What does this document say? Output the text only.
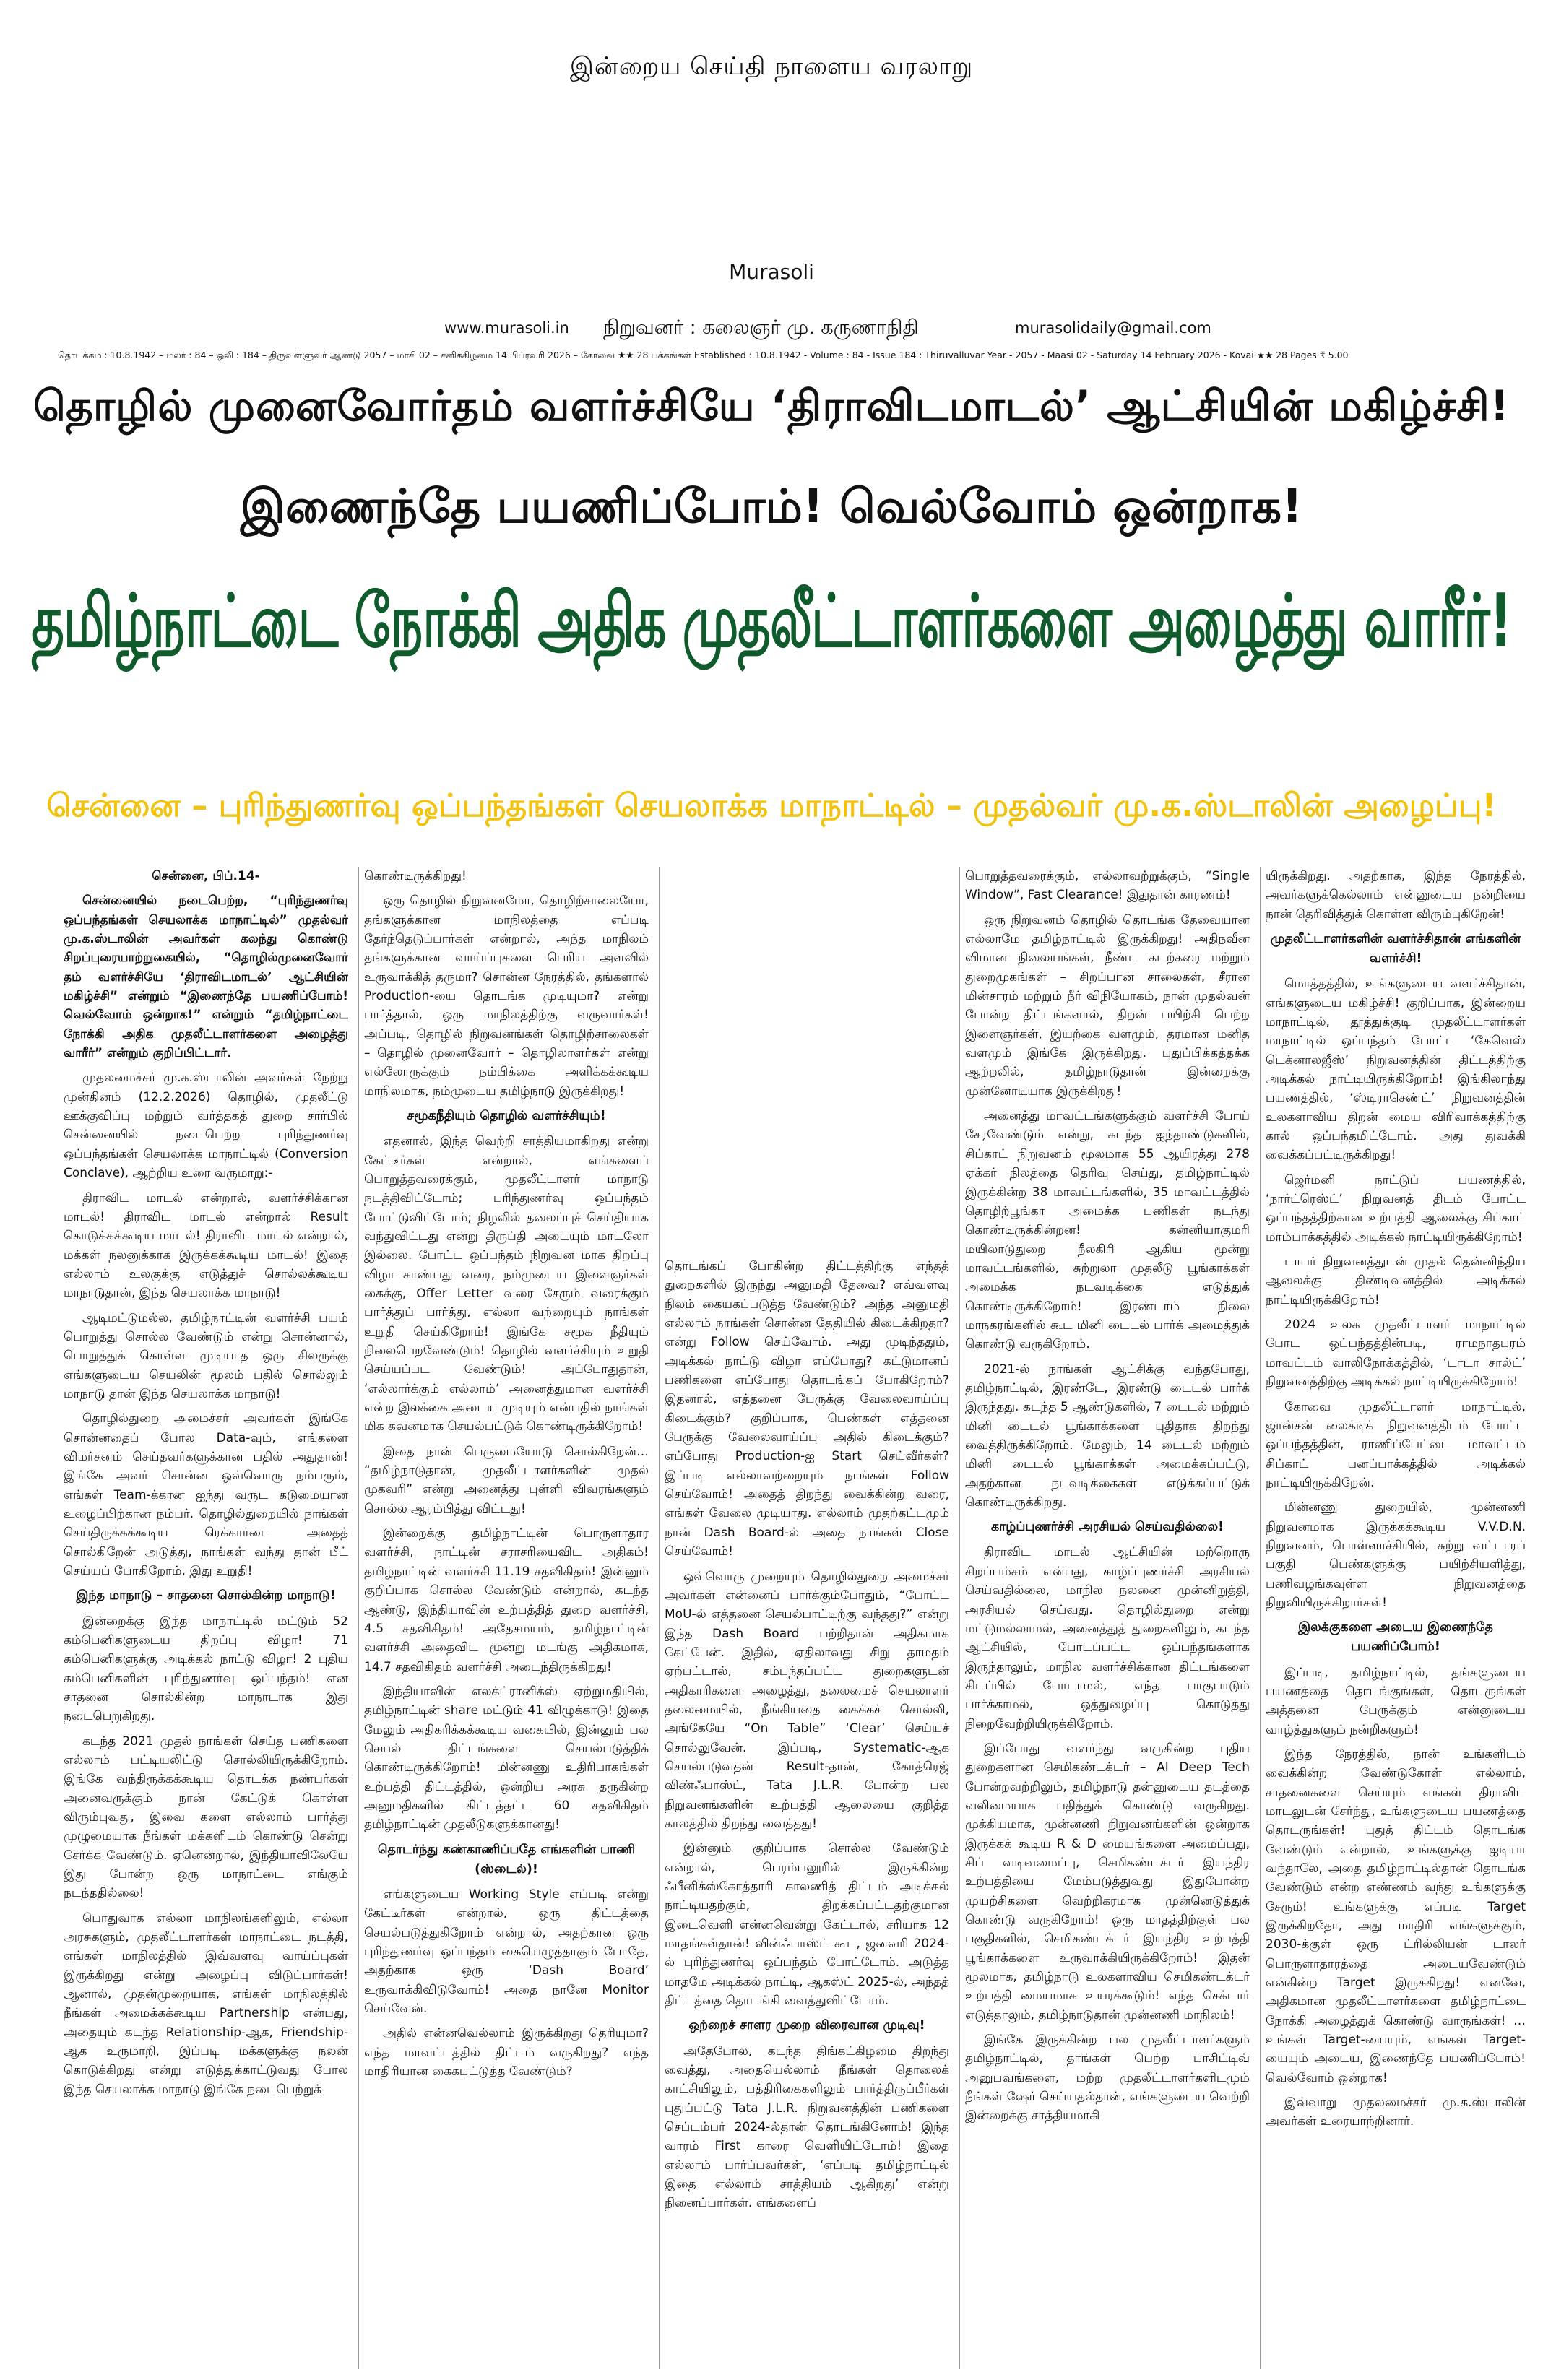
இன்றைய செய்தி நாளைய வரலாறு
Murasoli
www.murasoli.in நிறுவனர் : கலைஞர் மு. கருணாநிதி	murasolidaily@gmail.com
தொடக்கம் : 10.8.1942 – மலர் : 84 – ஒலி : 184 – திருவள்ளுவர் ஆண்டு 2057 – மாசி 02 – சனிக்கிழமை 14 பிப்ரவரி 2026 – கோவை ★★ 28 பக்கங்கள் Established : 10.8.1942 - Volume : 84 - Issue 184 : Thiruvalluvar Year - 2057 - Maasi 02 - Saturday 14 February 2026 - Kovai ★★ 28 Pages ₹ 5.00
தொழில் முனைவோர்தம் வளர்ச்சியே ‘திராவிடமாடல்’ ஆட்சியின் மகிழ்ச்சி!
இணைந்தே பயணிப்போம்! வெல்வோம் ஒன்றாக!
தமிழ்நாட்டை நோக்கி அதிக முதலீட்டாளர்களை அழைத்து வாரீர்!
சென்னை – புரிந்துணர்வு ஒப்பந்தங்கள் செயலாக்க மாநாட்டில் – முதல்வர் மு.க.ஸ்டாலின் அழைப்பு!

சென்னை, பிப்.14-

சென்னையில் நடைபெற்ற, “புரிந்துணர்வு ஒப்பந்தங்கள் செயலாக்க மாநாட்டில்” முதல்வர் மு.க.ஸ்டாலின் அவர்கள் கலந்து கொண்டு சிறப்புரையாற்றுகையில், “தொழில்முனைவோர் தம் வளர்ச்சியே ‘திராவிடமாடல்’ ஆட்சியின் மகிழ்ச்சி” என்றும் “இணைந்தே பயணிப்போம்! வெல்வோம் ஒன்றாக!” என்றும் “தமிழ்நாட்டை நோக்கி அதிக முதலீட்டாளர்களை அழைத்து வாரீர்” என்றும் குறிப்பிட்டார்.

முதலமைச்சர் மு.க.ஸ்டாலின் அவர்கள் நேற்று முன்தினம் (12.2.2026) தொழில், முதலீட்டு ஊக்குவிப்பு மற்றும் வர்த்தகத் துறை சார்பில் சென்னையில் நடைபெற்ற புரிந்துணர்வு ஒப்பந்தங்கள் செயலாக்க மாநாட்டில் (Conversion Conclave), ஆற்றிய உரை வருமாறு:-

திராவிட மாடல் என்றால், வளர்ச்சிக்கான மாடல்! திராவிட மாடல் என்றால் Result கொடுக்கக்கூடிய மாடல்! திராவிட மாடல் என்றால், மக்கள் நலனுக்காக இருக்கக்கூடிய மாடல்! இதை எல்லாம் உலகுக்கு எடுத்துச் சொல்லக்கூடிய மாநாடுதான், இந்த செயலாக்க மாநாடு!

ஆடிமட்டுமல்ல, தமிழ்நாட்டின் வளர்ச்சி பயம் பொறுத்து சொல்ல வேண்டும் என்று சொன்னால், பொறுத்துக் கொள்ள முடியாத ஒரு சிலருக்கு எங்களுடைய செயலின் மூலம் பதில் சொல்லும் மாநாடு தான் இந்த செயலாக்க மாநாடு!

தொழில்துறை அமைச்சர் அவர்கள் இங்கே சொன்னதைப் போல Data-வும், எங்களை விமர்சனம் செய்தவர்களுக்கான பதில் அதுதான்! இங்கே அவர் சொன்ன ஒவ்வொரு நம்பரும், எங்கள் Team-க்கான ஐந்து வருட கடுமையான உழைப்பிற்கான நம்பர். தொழில்துறையில் நாங்கள் செய்திருக்கக்கூடிய ரெக்கார்டை அதைத் சொல்கிறேன் அடுத்து, நாங்கள் வந்து தான் பீட் செய்யப் போகிறோம். இது உறுதி!

இந்த மாநாடு – சாதனை சொல்கின்ற மாநாடு!

இன்றைக்கு இந்த மாநாட்டில் மட்டும் 52 கம்பெனிகளுடைய திறப்பு விழா! 71 கம்பெனிகளுக்கு அடிக்கல் நாட்டு விழா! 2 புதிய கம்பெனிகளின் புரிந்துணர்வு ஒப்பந்தம்! என சாதனை சொல்கின்ற மாநாடாக இது நடைபெறுகிறது.

கடந்த 2021 முதல் நாங்கள் செய்த பணிகளை எல்லாம் பட்டியலிட்டு சொல்லியிருக்கிறோம். இங்கே வந்திருக்கக்கூடிய தொடக்க நண்பர்கள் அனைவருக்கும் நான் கேட்டுக் கொள்ள விரும்புவது, இவை களை எல்லாம் பார்த்து முழுமையாக நீங்கள் மக்களிடம் கொண்டு சென்று சேர்க்க வேண்டும். ஏனென்றால், இந்தியாவிலேயே இது போன்ற ஒரு மாநாட்டை எங்கும் நடந்ததில்லை!

பொதுவாக எல்லா மாநிலங்களிலும், எல்லா அரசுகளும், முதலீட்டாளர்கள் மாநாட்டை நடத்தி, எங்கள் மாநிலத்தில் இவ்வளவு வாய்ப்புகள் இருக்கிறது என்று அழைப்பு விடுப்பார்கள்! ஆனால், முதன்முறையாக, எங்கள் மாநிலத்தில் நீங்கள் அமைக்கக்கூடிய Partnership என்பது, அதையும் கடந்த Relationship-ஆக, Friendship-ஆக உருமாறி, இப்படி மக்களுக்கு நலன் கொடுக்கிறது என்று எடுத்துக்காட்டுவது போல இந்த செயலாக்க மாநாடு இங்கே நடைபெற்றுக்

கொண்டிருக்கிறது!

ஒரு தொழில் நிறுவனமோ, தொழிற்சாலையோ, தங்களுக்கான மாநிலத்தை எப்படி தேர்ந்தெடுப்பார்கள் என்றால், அந்த மாநிலம் தங்களுக்கான வாய்ப்புகளை பெரிய அளவில் உருவாக்கித் தருமா? சொன்ன நேரத்தில், தங்களால் Production-யை தொடங்க முடியுமா? என்று பார்த்தால், ஒரு மாநிலத்திற்கு வருவார்கள்! அப்படி, தொழில் நிறுவனங்கள் தொழிற்சாலைகள் – தொழில் முனைவோர் – தொழிலாளர்கள் என்று எல்லோருக்கும் நம்பிக்கை அளிக்கக்கூடிய மாநிலமாக, நம்முடைய தமிழ்நாடு இருக்கிறது!

சமூகநீதியும் தொழில் வளர்ச்சியும்!

எதனால், இந்த வெற்றி சாத்தியமாகிறது என்று கேட்டீர்கள் என்றால், எங்களைப் பொறுத்தவரைக்கும், முதலீட்டாளர் மாநாடு நடத்திவிட்டோம்; புரிந்துணர்வு ஒப்பந்தம் போட்டுவிட்டோம்; நிழலில் தலைப்புச் செய்தியாக வந்துவிட்டது என்று திருப்தி அடையும் மாடலோ இல்லை. போட்ட ஒப்பந்தம் நிறுவன மாக திறப்பு விழா காண்பது வரை, நம்முடைய இளைஞர்கள் கைக்கு, Offer Letter வரை சேரும் வரைக்கும் பார்த்துப் பார்த்து, எல்லா வற்றையும் நாங்கள் உறுதி செய்கிறோம்! இங்கே சமூக நீதியும் நிலைபெறவேண்டும்! தொழில் வளர்ச்சியும் உறுதி செய்யப்பட வேண்டும்! அப்போதுதான், ‘எல்லார்க்கும் எல்லாம்’ அனைத்துமான வளர்ச்சி என்ற இலக்கை அடைய முடியும் என்பதில் நாங்கள் மிக கவனமாக செயல்பட்டுக் கொண்டிருக்கிறோம்!

இதை நான் பெருமையோடு சொல்கிறேன்… “தமிழ்நாடுதான், முதலீட்டாளர்களின் முதல் முகவரி” என்று அனைத்து புள்ளி விவரங்களும் சொல்ல ஆரம்பித்து விட்டது!

இன்றைக்கு தமிழ்நாட்டின் பொருளாதார வளர்ச்சி, நாட்டின் சராசரியைவிட அதிகம்! தமிழ்நாட்டின் வளர்ச்சி 11.19 சதவிகிதம்! இன்னும் குறிப்பாக சொல்ல வேண்டும் என்றால், கடந்த ஆண்டு, இந்தியாவின் உற்பத்தித் துறை வளர்ச்சி, 4.5 சதவிகிதம்! அதேசமயம், தமிழ்நாட்டின் வளர்ச்சி அதைவிட மூன்று மடங்கு அதிகமாக, 14.7 சதவிகிதம் வளர்ச்சி அடைந்திருக்கிறது!

இந்தியாவின் எலக்ட்ரானிக்ஸ் ஏற்றுமதியில், தமிழ்நாட்டின் share மட்டும் 41 விழுக்காடு! இதை மேலும் அதிகரிக்கக்கூடிய வகையில், இன்னும் பல செயல் திட்டங்களை செயல்படுத்திக் கொண்டிருக்கிறோம்! மின்னணு உதிரிபாகங்கள் உற்பத்தி திட்டத்தில், ஒன்றிய அரசு தருகின்ற அனுமதிகளில் கிட்டத்தட்ட 60 சதவிகிதம் தமிழ்நாட்டின் முதலீடுகளுக்கானது!

தொடர்ந்து கண்காணிப்பதே எங்களின் பாணி (ஸ்டைல்)!

எங்களுடைய Working Style எப்படி என்று கேட்டீர்கள் என்றால், ஒரு திட்டத்தை செயல்படுத்துகிறோம் என்றால், அதற்கான ஒரு புரிந்துணர்வு ஒப்பந்தம் கையெழுத்தாகும் போதே, அதற்காக ஒரு ‘Dash Board’ உருவாக்கிவிடுவோம்! அதை நானே Monitor செய்வேன்.

அதில் என்னவெல்லாம் இருக்கிறது தெரியுமா? எந்த மாவட்டத்தில் திட்டம் வருகிறது? எந்த மாதிரியான கைகபட்டுத்த வேண்டும்?

தொடங்கப் போகின்ற திட்டத்திற்கு எந்தத் துறைகளில் இருந்து அனுமதி தேவை? எவ்வளவு நிலம் கையகப்படுத்த வேண்டும்? அந்த அனுமதி எல்லாம் நாங்கள் சொன்ன தேதியில் கிடைக்கிறதா? என்று Follow செய்வோம். அது முடிந்ததும், அடிக்கல் நாட்டு விழா எப்போது? கட்டுமானப் பணிகளை எப்போது தொடங்கப் போகிறோம்? இதனால், எத்தனை பேருக்கு வேலைவாய்ப்பு கிடைக்கும்? குறிப்பாக, பெண்கள் எத்தனை பேருக்கு வேலைவாய்ப்பு அதில் கிடைக்கும்? எப்போது Production-ஐ Start செய்வீர்கள்? இப்படி எல்லாவற்றையும் நாங்கள் Follow செய்வோம்! அதைத் திறந்து வைக்கின்ற வரை, எங்கள் வேலை முடியாது. எல்லாம் முதற்கட்டமும் நான் Dash Board-ல் அதை நாங்கள் Close செய்வோம்!

ஒவ்வொரு முறையும் தொழில்துறை அமைச்சர் அவர்கள் என்னைப் பார்க்கும்போதும், “போட்ட MoU-ல் எத்தனை செயல்பாட்டிற்கு வந்தது?” என்று இந்த Dash Board பற்றிதான் அதிகமாக கேட்பேன். இதில், ஏதிலாவது சிறு தாமதம் ஏற்பட்டால், சம்பந்தப்பட்ட துறைகளுடன் அதிகாரிகளை அழைத்து, தலைமைச் செயலாளர் தலைமையில், நீங்கியதை கைக்கச் சொல்லி, அங்கேயே “On Table” ‘Clear’ செய்யச் சொல்லுவேன். இப்படி, Systematic-ஆக செயல்படுவதன் Result-தான், கோத்ரெஜ் விண்ஃபாஸ்ட், Tata J.L.R. போன்ற பல நிறுவனங்களின் உற்பத்தி ஆலையை குறித்த காலத்தில் திறந்து வைத்தது!

இன்னும் குறிப்பாக சொல்ல வேண்டும் என்றால், பெரம்பலூரில் இருக்கின்ற ஃபீனிக்ஸ்கோத்தாரி காலணித் திட்டம் அடிக்கல் நாட்டியதற்கும், திறக்கப்பட்டதற்குமான இடைவெளி என்னவென்று கேட்டால், சரியாக 12 மாதங்கள்தான்! வின்ஃபாஸ்ட் கூட, ஜனவரி 2024-ல் புரிந்துணர்வு ஒப்பந்தம் போட்டோம். அடுத்த மாதமே அடிக்கல் நாட்டி, ஆகஸ்ட் 2025-ல், அந்தத் திட்டத்தை தொடங்கி வைத்துவிட்டோம்.

ஒற்றைச் சாளர முறை விரைவான முடிவு!

அதேபோல, கடந்த திங்கட்கிழமை திறந்து வைத்து, அதையெல்லாம் நீங்கள் தொலைக் காட்சியிலும், பத்திரிகைகளிலும் பார்த்திருப்பீர்கள் புதுப்பட்டு Tata J.L.R. நிறுவனத்தின் பணிகளை செப்டம்பர் 2024-ல்தான் தொடங்கினோம்! இந்த வாரம் First காரை வெளியிட்டோம்! இதை எல்லாம் பார்ப்பவர்கள், ‘எப்படி தமிழ்நாட்டில் இதை எல்லாம் சாத்தியம் ஆகிறது’ என்று நினைப்பார்கள். எங்களைப்

பொறுத்தவரைக்கும், எல்லாவற்றுக்கும், “Single Window”, Fast Clearance! இதுதான் காரணம்!

ஒரு நிறுவனம் தொழில் தொடங்க தேவையான எல்லாமே தமிழ்நாட்டில் இருக்கிறது! அதிநவீன விமான நிலையங்கள், நீண்ட கடற்கரை மற்றும் துறைமுகங்கள் – சிறப்பான சாலைகள், சீரான மின்சாரம் மற்றும் நீர் விநியோகம், நான் முதல்வன் போன்ற திட்டங்களால், திறன் பயிற்சி பெற்ற இளைஞர்கள், இயற்கை வளமும், தரமான மனித வளமும் இங்கே இருக்கிறது. புதுப்பிக்கத்தக்க ஆற்றலில், தமிழ்நாடுதான் இன்றைக்கு முன்னோடியாக இருக்கிறது!

அனைத்து மாவட்டங்களுக்கும் வளர்ச்சி போய் சேரவேண்டும் என்று, கடந்த ஐந்தாண்டுகளில், சிப்காட் நிறுவனம் மூலமாக 55 ஆயிரத்து 278 ஏக்கர் நிலத்தை தெரிவு செய்து, தமிழ்நாட்டில் இருக்கின்ற 38 மாவட்டங்களில், 35 மாவட்டத்தில் தொழிற்பூங்கா அமைக்க பணிகள் நடந்து கொண்டிருக்கின்றன! கன்னியாகுமரி மயிலாடுதுறை நீலகிரி ஆகிய மூன்று மாவட்டங்களில், சுற்றுலா முதலீடு பூங்காக்கள் அமைக்க நடவடிக்கை எடுத்துக் கொண்டிருக்கிறோம்! இரண்டாம் நிலை மாநகரங்களில் கூட மினி டைடல் பார்க் அமைத்துக் கொண்டு வருகிறோம்.

2021-ல் நாங்கள் ஆட்சிக்கு வந்தபோது, தமிழ்நாட்டில், இரண்டே, இரண்டு டைடல் பார்க் இருந்தது. கடந்த 5 ஆண்டுகளில், 7 டைடல் மற்றும் மினி டைடல் பூங்காக்களை புதிதாக திறந்து வைத்திருக்கிறோம். மேலும், 14 டைடல் மற்றும் மினி டைடல் பூங்காக்கள் அமைக்கப்பட்டு, அதற்கான நடவடிக்கைகள் எடுக்கப்பட்டுக் கொண்டிருக்கிறது.

காழ்ப்புணர்ச்சி அரசியல் செய்வதில்லை!

திராவிட மாடல் ஆட்சியின் மற்றொரு சிறப்பம்சம் என்பது, காழ்ப்புணர்ச்சி அரசியல் செய்வதில்லை, மாநில நலனை முன்னிறுத்தி, அரசியல் செய்வது. தொழில்துறை என்று மட்டுமல்லாமல், அனைத்துத் துறைகளிலும், கடந்த ஆட்சியில், போடப்பட்ட ஒப்பந்தங்களாக இருந்தாலும், மாநில வளர்ச்சிக்கான திட்டங்களை கிடப்பில் போடாமல், எந்த பாகுபாடும் பார்க்காமல், ஒத்துழைப்பு கொடுத்து நிறைவேற்றியிருக்கிறோம்.

இப்போது வளர்ந்து வருகின்ற புதிய துறைகளான செமிகண்டக்டர் – AI Deep Tech போன்றவற்றிலும், தமிழ்நாடு தன்னுடைய தடத்தை வலிமையாக பதித்துக் கொண்டு வருகிறது. முக்கியமாக, முன்னணி நிறுவனங்களின் ஒன்றாக இருக்கக் கூடிய R & D மையங்களை அமைப்பது, சிப் வடிவமைப்பு, செமிகண்டக்டர் இயந்திர உற்பத்தியை மேம்படுத்துவது இதுபோன்ற முயற்சிகளை வெற்றிகரமாக முன்னெடுத்துக் கொண்டு வருகிறோம்! ஒரு மாதத்திற்குள் பல பகுதிகளில், செமிகண்டக்டர் இயந்திர உற்பத்தி பூங்காக்களை உருவாக்கியிருக்கிறோம்! இதன் மூலமாக, தமிழ்நாடு உலகளாவிய செமிகண்டக்டர் உற்பத்தி மையமாக உயரக்கூடும்! எந்த செக்டார் எடுத்தாலும், தமிழ்நாடுதான் முன்னணி மாநிலம்!

இங்கே இருக்கின்ற பல முதலீட்டாளர்களும் தமிழ்நாட்டில், தாங்கள் பெற்ற பாசிட்டிவ் அனுபவங்களை, மற்ற முதலீட்டாளர்களிடமும் நீங்கள் ஷேர் செய்யதல்தான், எங்களுடைய வெற்றி இன்றைக்கு சாத்தியமாகி

யிருக்கிறது. அதற்காக, இந்த நேரத்தில், அவர்களுக்கெல்லாம் என்னுடைய நன்றியை நான் தெரிவித்துக் கொள்ள விரும்புகிறேன்!

முதலீட்டாளர்களின் வளர்ச்சிதான் எங்களின் வளர்ச்சி!

மொத்தத்தில், உங்களுடைய வளர்ச்சிதான், எங்களுடைய மகிழ்ச்சி! குறிப்பாக, இன்றைய மாநாட்டில், தூத்துக்குடி முதலீட்டாளர்கள் மாநாட்டில் ஒப்பந்தம் போட்ட ‘கேவெஸ் டெக்னாலஜீஸ்’ நிறுவனத்தின் திட்டத்திற்கு அடிக்கல் நாட்டியிருக்கிறோம்! இங்கிலாந்து பயணத்தில், ‘ஸ்டிராசெண்ட்’ நிறுவனத்தின் உலகளாவிய திறன் மைய விரிவாக்கத்திற்கு கால் ஒப்பந்தமிட்டோம். அது துவக்கி வைக்கப்பட்டிருக்கிறது!

ஜெர்மனி நாட்டுப் பயணத்தில், ‘நார்ட்ரெஸ்ட்’ நிறுவனத் திடம் போட்ட ஒப்பந்தத்திற்கான உற்பத்தி ஆலைக்கு சிப்காட் மாம்பாக்கத்தில் அடிக்கல் நாட்டியிருக்கிறோம்!

டாபர் நிறுவனத்துடன் முதல் தென்னிந்திய ஆலைக்கு திண்டிவனத்தில் அடிக்கல் நாட்டியிருக்கிறோம்!

2024 உலக முதலீட்டாளர் மாநாட்டில் போட ஒப்பந்தத்தின்படி, ராமநாதபுரம் மாவட்டம் வாலிநோக்கத்தில், ‘டாடா சால்ட்’ நிறுவனத்திற்கு அடிக்கல் நாட்டியிருக்கிறோம்!

கோவை முதலீட்டாளர் மாநாட்டில், ஜான்சன் லைக்டிக் நிறுவனத்திடம் போட்ட ஒப்பந்தத்தின், ராணிப்பேட்டை மாவட்டம் சிப்காட் பனப்பாக்கத்தில் அடிக்கல் நாட்டியிருக்கிறேன்.

மின்னணு துறையில், முன்னணி நிறுவனமாக இருக்கக்கூடிய V.V.D.N. நிறுவனம், பொள்ளாச்சியில், சுற்று வட்டாரப் பகுதி பெண்களுக்கு பயிற்சியளித்து, பணிவழங்கவுள்ள நிறுவனத்தை நிறுவியிருக்கிறார்கள்!

இலக்குகளை அடைய இணைந்தே பயணிப்போம்!

இப்படி, தமிழ்நாட்டில், தங்களுடைய பயணத்தை தொடங்குங்கள், தொடருங்கள் அத்தனை பேருக்கும் என்னுடைய வாழ்த்துகளும் நன்றிகளும்!

இந்த நேரத்தில், நான் உங்களிடம் வைக்கின்ற வேண்டுகோள் எல்லாம், சாதனைகளை செய்யும் எங்கள் திராவிட மாடலுடன் சேர்ந்து, உங்களுடைய பயணத்தை தொடருங்கள்! புதுத் திட்டம் தொடங்க வேண்டும் என்றால், உங்களுக்கு ஐடியா வந்தாலே, அதை தமிழ்நாட்டில்தான் தொடங்க வேண்டும் என்ற எண்ணம் வந்து உங்களுக்கு சேரும்! உங்களுக்கு எப்படி Target இருக்கிறதோ, அது மாதிரி எங்களுக்கும், 2030-க்குள் ஒரு ட்ரில்லியன் டாலர் பொருளாதாரத்தை அடையவேண்டும் என்கின்ற Target இருக்கிறது! எனவே, அதிகமான முதலீட்டாளர்களை தமிழ்நாட்டை நோக்கி அழைத்துக் கொண்டு வாருங்கள்! … உங்கள் Target-யையும், எங்கள் Target-யையும் அடைய, இணைந்தே பயணிப்போம்! வெல்வோம் ஒன்றாக!

இவ்வாறு முதலமைச்சர் மு.க.ஸ்டாலின் அவர்கள் உரையாற்றினார்.
